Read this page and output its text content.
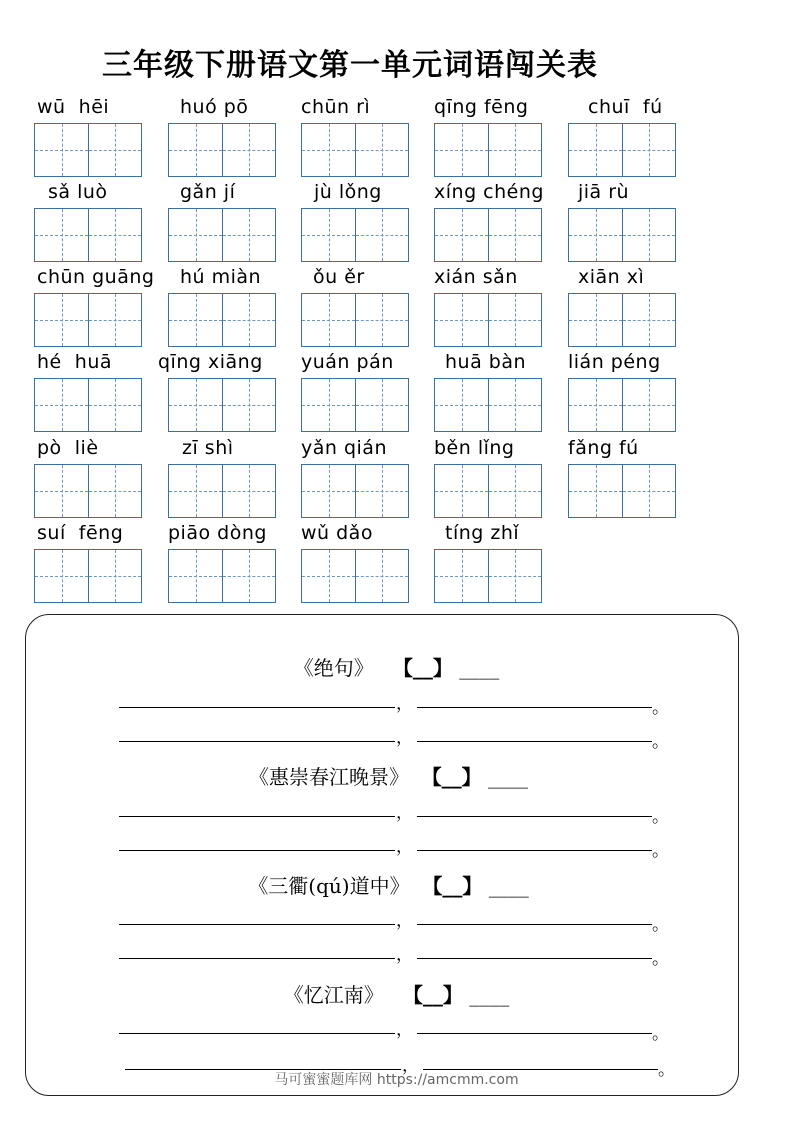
三年级下册语文第一单元词语闯关表
wū  hēi	huó pō	chūn rì	qīng fēng	chuī  fú
sǎ luò	gǎn jí	jù lǒng	xíng chéng	jiā rù
chūn guāng	hú miàn	ǒu ěr	xián sǎn	xiān xì
hé  huā	qīng xiāng	yuán pán	huā bàn	lián péng
pò  liè	zī shì	yǎn qián	běn lǐng	fǎng fú
suí  fēng	piāo dòng	wǔ dǎo	tíng zhǐ
《绝句》 【__】 ____
《惠崇春江晚景》 【__】 ____
《三衢(qú)道中》 【__】 ____
《忆江南》 【__】 ____
，	。
，	。
，	。
，	。
，	。
，	。
，	。
，	。
马可蜜蜜题库网 https://amcmm.com
